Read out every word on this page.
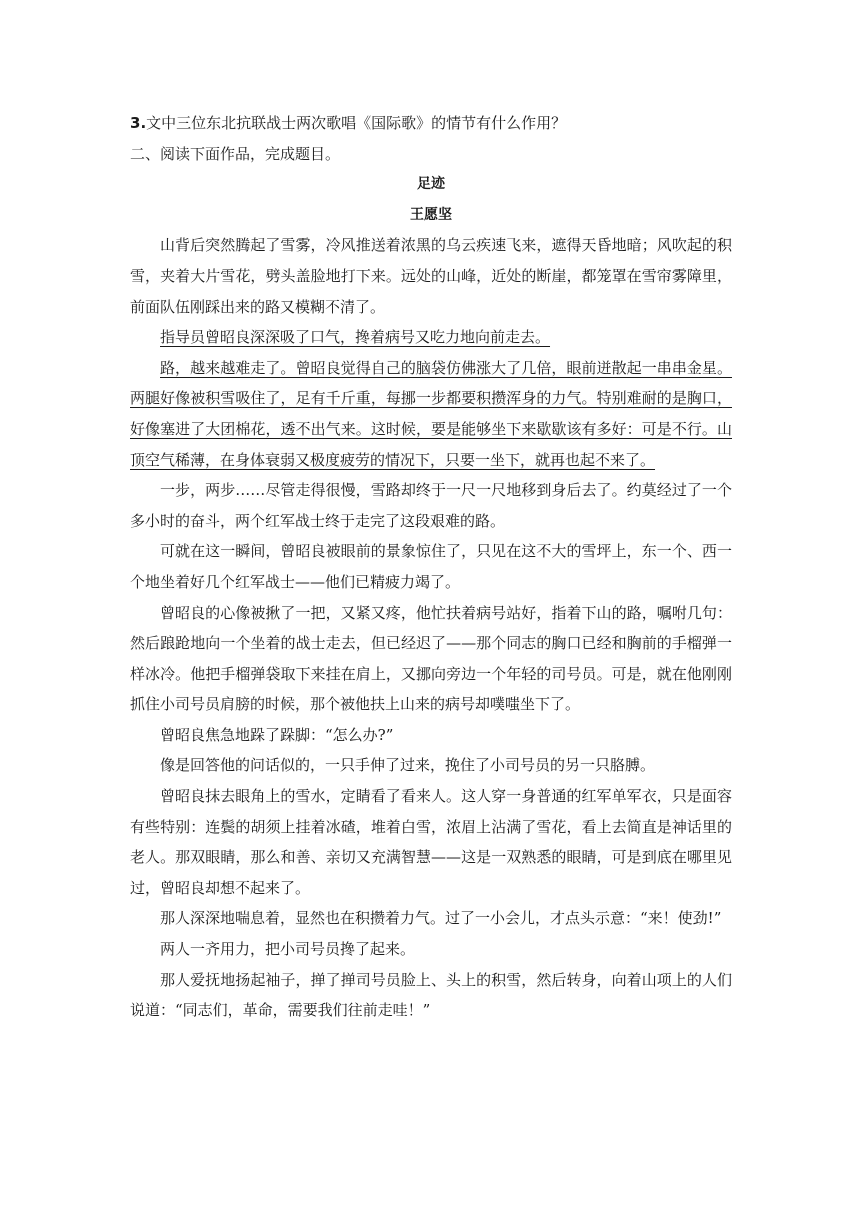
3.文中三位东北抗联战士两次歌唱《国际歌》的情节有什么作用？

二、阅读下面作品，完成题目。

足迹

王愿坚

山背后突然腾起了雪雾，冷风推送着浓黑的乌云疾速飞来，遮得天昏地暗；风吹起的积雪，夹着大片雪花，劈头盖脸地打下来。远处的山峰，近处的断崖，都笼罩在雪帘雾障里，前面队伍刚踩出来的路又模糊不清了。

指导员曾昭良深深吸了口气，搀着病号又吃力地向前走去。

路，越来越难走了。曾昭良觉得自己的脑袋仿佛涨大了几倍，眼前迸散起一串串金星。两腿好像被积雪吸住了，足有千斤重，每挪一步都要积攒浑身的力气。特别难耐的是胸口，好像塞进了大团棉花，透不出气来。这时候，要是能够坐下来歇歇该有多好：可是不行。山顶空气稀薄，在身体衰弱又极度疲劳的情况下，只要一坐下，就再也起不来了。

一步，两步……尽管走得很慢，雪路却终于一尺一尺地移到身后去了。约莫经过了一个多小时的奋斗，两个红军战士终于走完了这段艰难的路。

可就在这一瞬间，曾昭良被眼前的景象惊住了，只见在这不大的雪坪上，东一个、西一个地坐着好几个红军战士——他们已精疲力竭了。

曾昭良的心像被揪了一把，又紧又疼，他忙扶着病号站好，指着下山的路，嘱咐几句：然后踉跄地向一个坐着的战士走去，但已经迟了——那个同志的胸口已经和胸前的手榴弹一样冰冷。他把手榴弹袋取下来挂在肩上，又挪向旁边一个年轻的司号员。可是，就在他刚刚抓住小司号员肩膀的时候，那个被他扶上山来的病号却噗嗤坐下了。

曾昭良焦急地跺了跺脚：“怎么办?”

像是回答他的问话似的，一只手伸了过来，挽住了小司号员的另一只胳膊。

曾昭良抹去眼角上的雪水，定睛看了看来人。这人穿一身普通的红军单军衣，只是面容有些特别：连鬓的胡须上挂着冰碴，堆着白雪，浓眉上沾满了雪花，看上去简直是神话里的老人。那双眼睛，那么和善、亲切又充满智慧——这是一双熟悉的眼睛，可是到底在哪里见过，曾昭良却想不起来了。

那人深深地喘息着，显然也在积攒着力气。过了一小会儿，才点头示意：“来！使劲!”

两人一齐用力，把小司号员搀了起来。

那人爱抚地扬起袖子，掸了掸司号员脸上、头上的积雪，然后转身，向着山项上的人们说道：“同志们，革命，需要我们往前走哇！”
